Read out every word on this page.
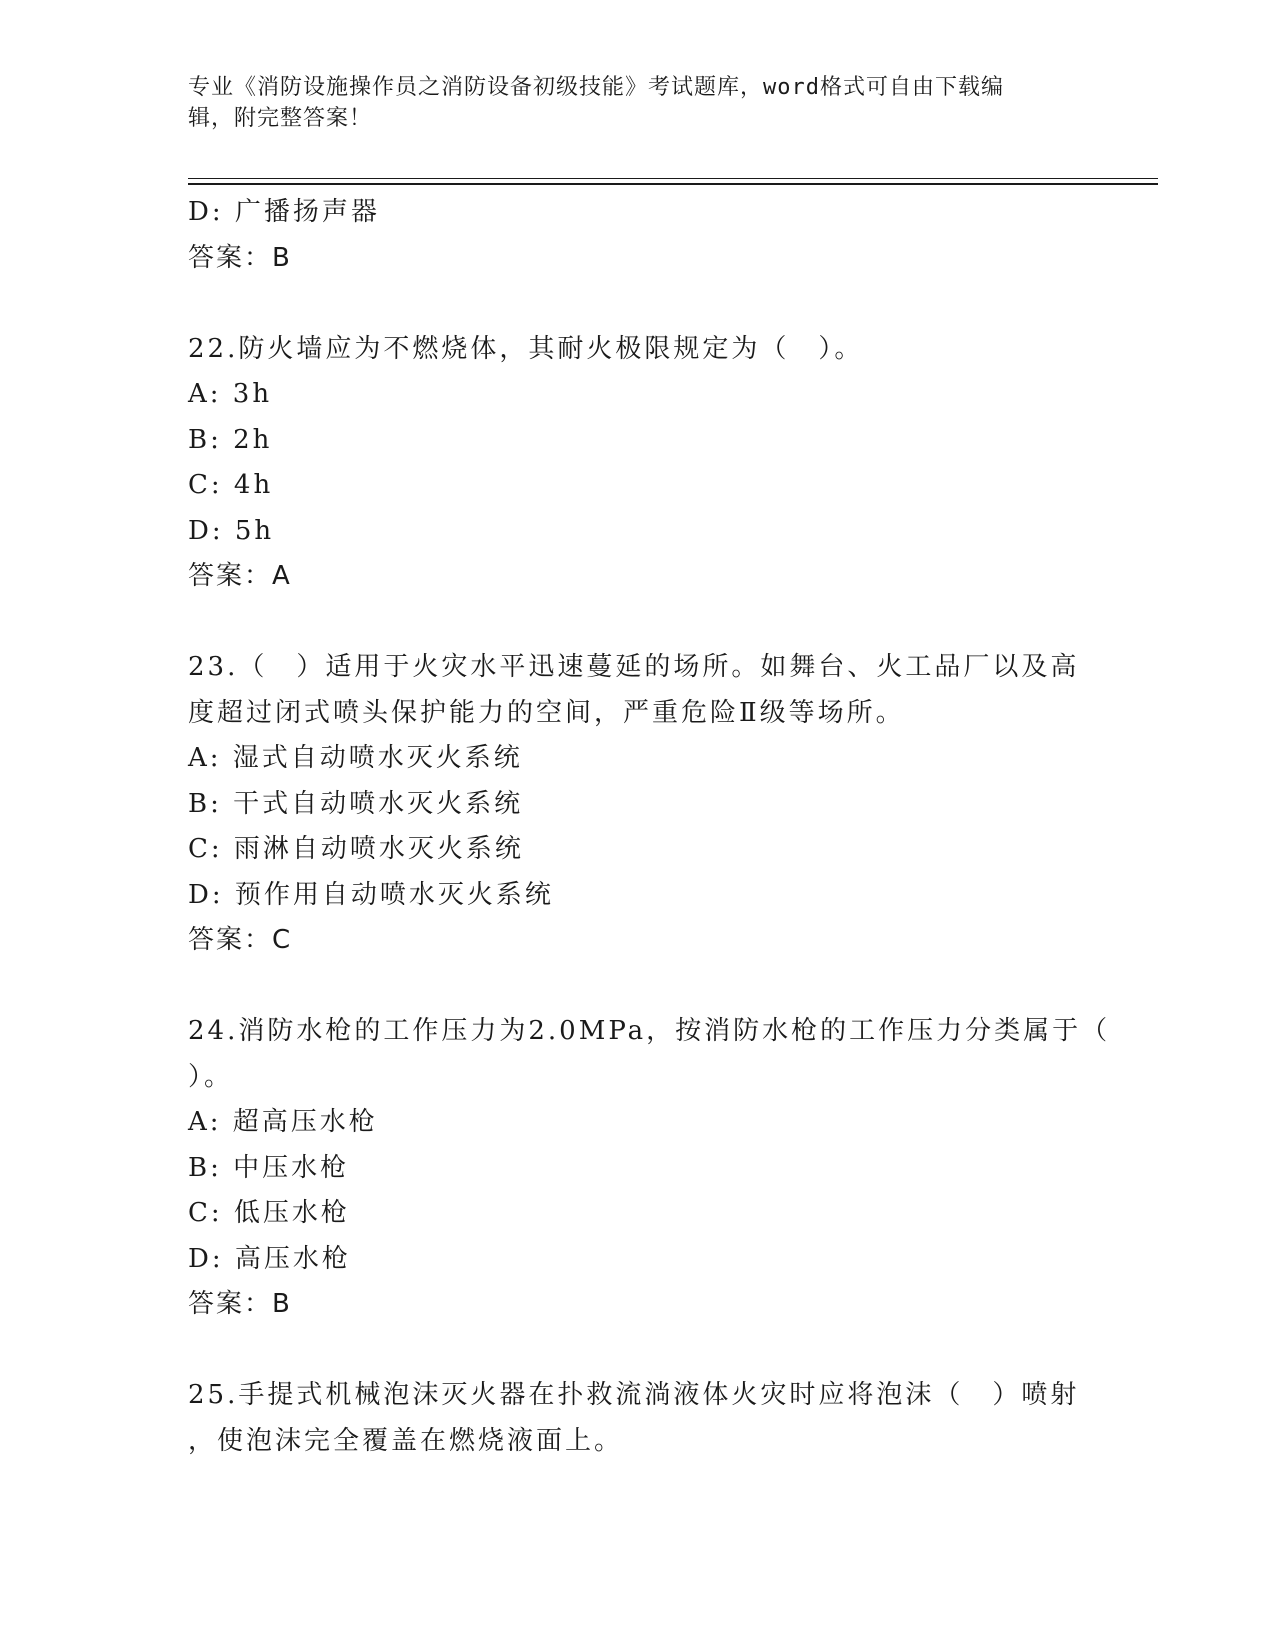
专业《消防设施操作员之消防设备初级技能》考试题库，word格式可自由下载编
辑，附完整答案！
D: 广播扬声器
答案：B
22.防火墙应为不燃烧体，其耐火极限规定为（　）。
A: 3h
B: 2h
C: 4h
D: 5h
答案：A
23.（　）适用于火灾水平迅速蔓延的场所。如舞台、火工品厂以及高
度超过闭式喷头保护能力的空间，严重危险Ⅱ级等场所。
A: 湿式自动喷水灭火系统
B: 干式自动喷水灭火系统
C: 雨淋自动喷水灭火系统
D: 预作用自动喷水灭火系统
答案：C
24.消防水枪的工作压力为2.0MPa，按消防水枪的工作压力分类属于（
）。
A: 超高压水枪
B: 中压水枪
C: 低压水枪
D: 高压水枪
答案：B
25.手提式机械泡沫灭火器在扑救流淌液体火灾时应将泡沫（　）喷射
，使泡沫完全覆盖在燃烧液面上。
